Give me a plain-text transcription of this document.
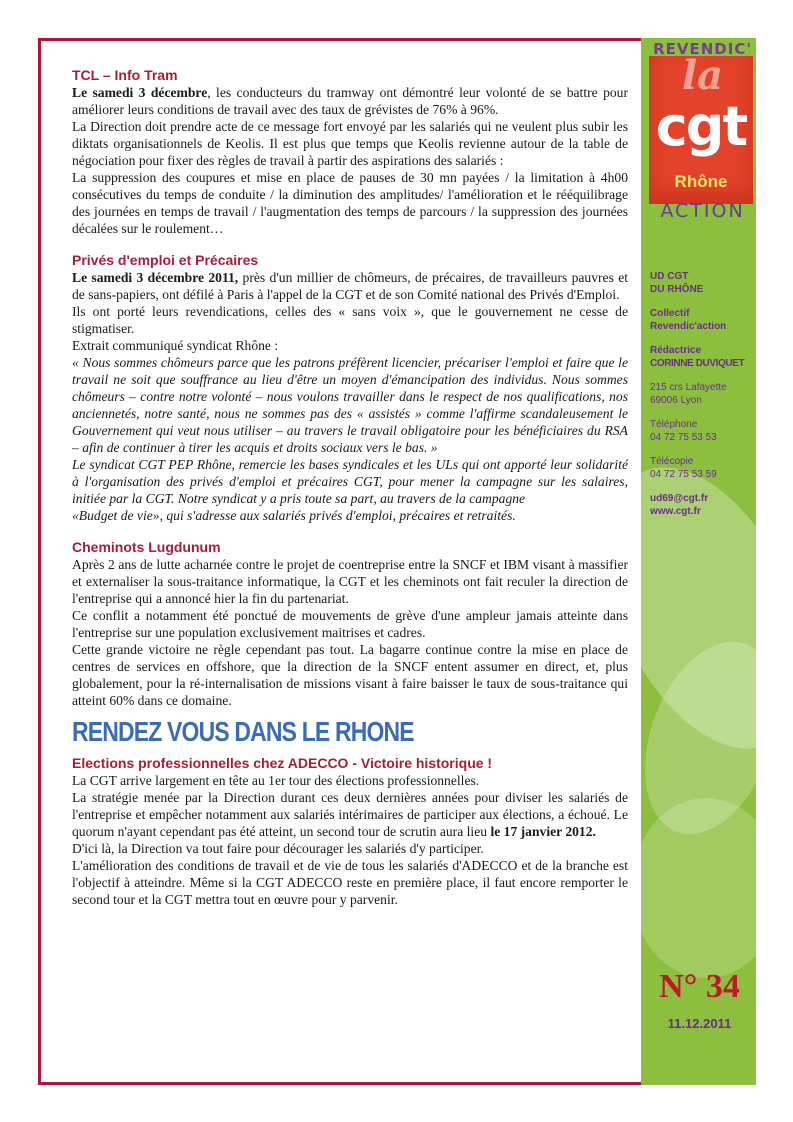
REVENDIC'
la
cgt
Rhône
ACTION

UD CGT
DU RHÔNE

Collectif
Revendic'action

Rédactrice
CORINNE DUVIQUET

215 crs Lafayette
69006 Lyon

Téléphone
04 72 75 53 53

Télécopie
04 72 75 53 59

ud69@cgt.fr
www.cgt.fr

N° 34
11.12.2011
TCL – Info Tram

Le samedi 3 décembre, les conducteurs du tramway ont démontré leur volonté de se battre pour améliorer leurs conditions de travail avec des taux de grévistes de 76% à 96%.

La Direction doit prendre acte de ce message fort envoyé par les salariés qui ne veulent plus subir les diktats organisationnels de Keolis. Il est plus que temps que Keolis revienne autour de la table de négociation pour fixer des règles de travail à partir des aspirations des salariés :

La suppression des coupures et mise en place de pauses de 30 mn payées / la limitation à 4h00 consécutives du temps de conduite / la diminution des amplitudes/ l'amélioration et le rééquilibrage des journées en temps de travail / l'augmentation des temps de parcours / la suppression des journées décalées sur le roulement…

Privés d'emploi et Précaires

Le samedi 3 décembre 2011, près d'un millier de chômeurs, de précaires, de travailleurs pauvres et de sans-papiers, ont défilé à Paris à l'appel de la CGT et de son Comité national des Privés d'Emploi.

Ils ont porté leurs revendications, celles des « sans voix », que le gouvernement ne cesse de stigmatiser.

Extrait communiqué syndicat Rhône :

« Nous sommes chômeurs parce que les patrons préfèrent licencier, précariser l'emploi et faire que le travail ne soit que souffrance au lieu d'être un moyen d'émancipation des individus. Nous sommes chômeurs – contre notre volonté – nous voulons travailler dans le respect de nos qualifications, nos anciennetés, notre santé, nous ne sommes pas des « assistés » comme l'affirme scandaleusement le Gouvernement qui veut nous utiliser – au travers le travail obligatoire pour les bénéficiaires du RSA – afin de continuer à tirer les acquis et droits sociaux vers le bas. »

Le syndicat CGT PEP Rhône, remercie les bases syndicales et les ULs qui ont apporté leur solidarité à l'organisation des privés d'emploi et précaires CGT, pour mener la campagne sur les salaires, initiée par la CGT. Notre syndicat y a pris toute sa part, au travers de la campagne

«Budget de vie», qui s'adresse aux salariés privés d'emploi, précaires et retraités.

Cheminots Lugdunum

Après 2 ans de lutte acharnée contre le projet de coentreprise entre la SNCF et IBM visant à massifier et externaliser la sous-traitance informatique, la CGT et les cheminots ont fait reculer la direction de l'entreprise qui a annoncé hier la fin du partenariat.

Ce conflit a notamment été ponctué de mouvements de grève d'une ampleur jamais atteinte dans l'entreprise sur une population exclusivement maitrises et cadres.

Cette grande victoire ne règle cependant pas tout. La bagarre continue contre la mise en place de centres de services en offshore, que la direction de la SNCF entent assumer en direct, et, plus globalement, pour la ré-internalisation de missions visant à faire baisser le taux de sous-traitance qui atteint 60% dans ce domaine.

RENDEZ VOUS DANS LE RHONE
Elections professionnelles chez ADECCO - Victoire historique !

La CGT arrive largement en tête au 1er tour des élections professionnelles.

La stratégie menée par la Direction durant ces deux dernières années pour diviser les salariés de l'entreprise et empêcher notamment aux salariés intérimaires de participer aux élections, a échoué. Le quorum n'ayant cependant pas été atteint, un second tour de scrutin aura lieu le 17 janvier 2012.

D'ici là, la Direction va tout faire pour décourager les salariés d'y participer.

L'amélioration des conditions de travail et de vie de tous les salariés d'ADECCO et de la branche est l'objectif à atteindre. Même si la CGT ADECCO reste en première place, il faut encore remporter le second tour et la CGT mettra tout en œuvre pour y parvenir.
